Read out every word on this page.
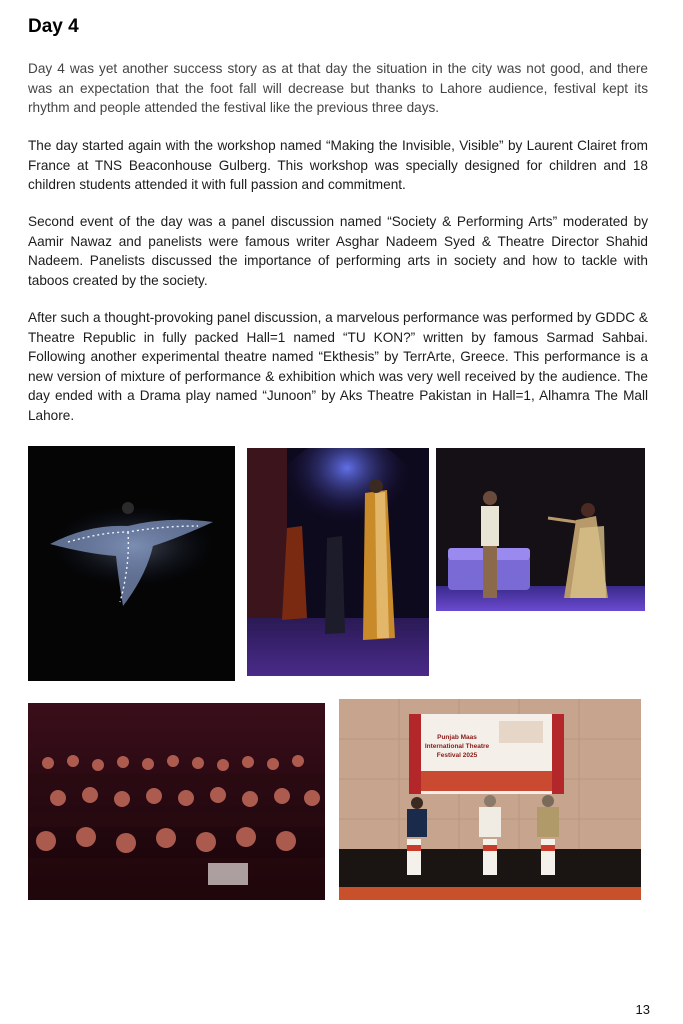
Day 4

Day 4 was yet another success story as at that day the situation in the city was not good, and there was an expectation that the foot fall will decrease but thanks to Lahore audience, festival kept its rhythm and people attended the festival like the previous three days.

The day started again with the workshop named “Making the Invisible, Visible” by Laurent Clairet from France at TNS Beaconhouse Gulberg. This workshop was specially designed for children and 18 children students attended it with full passion and commitment.

Second event of the day was a panel discussion named “Society & Performing Arts” moderated by Aamir Nawaz and panelists were famous writer Asghar Nadeem Syed & Theatre Director Shahid Nadeem. Panelists discussed the importance of performing arts in society and how to tackle with taboos created by the society.

After such a thought-provoking panel discussion, a marvelous performance was performed by GDDC & Theatre Republic in fully packed Hall=1 named “TU KON?” written by famous Sarmad Sahbai. Following another experimental theatre named “Ekthesis” by TerrArte, Greece. This performance is a new version of mixture of performance & exhibition which was very well received by the audience. The day ended with a Drama play named “Junoon” by Aks Theatre Pakistan in Hall=1, Alhamra The Mall Lahore.

Punjab Maas
International Theatre
Festival 2025
13
